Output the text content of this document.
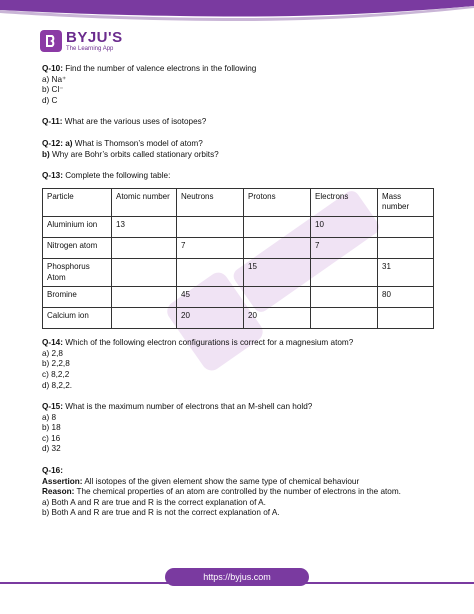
BYJU'S
The Learning App

Q-10: Find the number of valence electrons in the following

a) Na⁺

b) Cl⁻

d) C

Q-11: What are the various uses of isotopes?

Q-12: a) What is Thomson’s model of atom?

b) Why are Bohr’s orbits called stationary orbits?

Q-13: Complete the following table:

Particle	Atomic number	Neutrons	Protons	Electrons	Mass number
Aluminium ion	13			10	
Nitrogen atom		7		7	
Phosphorus Atom			15		31
Bromine		45			80
Calcium ion		20	20		

Q-14: Which of the following electron configurations is correct for a magnesium atom?

a) 2,8

b) 2,2,8

c) 8,2,2

d) 8,2,2.

Q-15: What is the maximum number of electrons that an M-shell can hold?

a) 8

b) 18

c) 16

d) 32

Q-16:

Assertion: All isotopes of the given element show the same type of chemical behaviour

Reason: The chemical properties of an atom are controlled by the number of electrons in the atom.

a) Both A and R are true and R is the correct explanation of A.

b) Both A and R are true and R is not the correct explanation of A.

https://byjus.com
